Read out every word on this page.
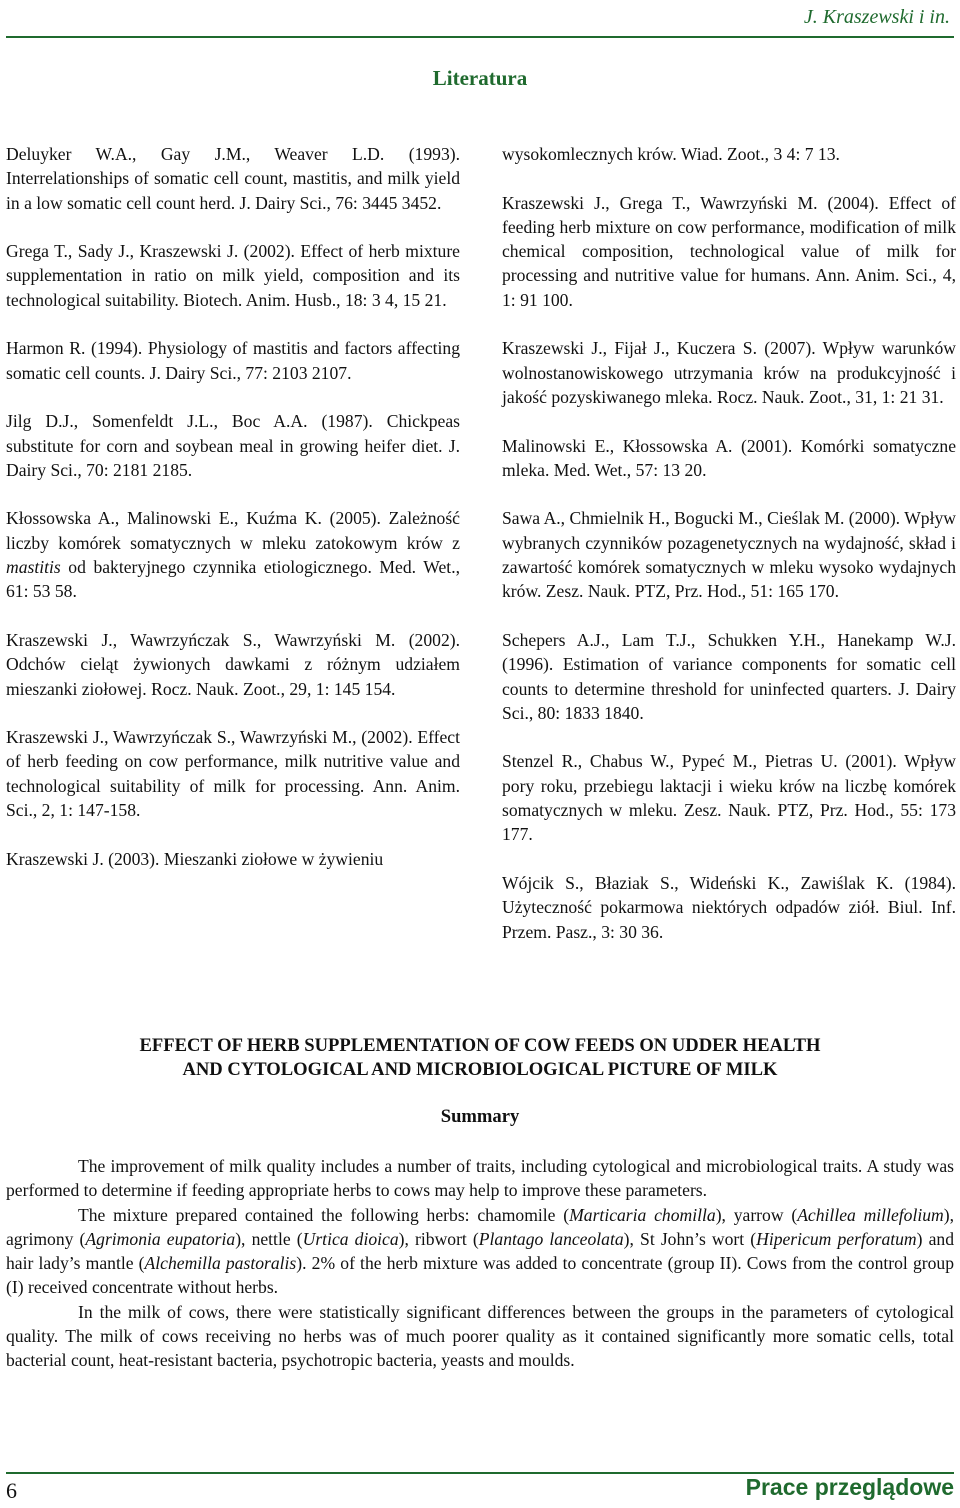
J. Kraszewski i in.
Literatura

Deluyker W.A., Gay J.M., Weaver L.D. (1993). Interrelationships of somatic cell count, mastitis, and milk yield in a low somatic cell count herd. J. Dairy Sci., 76: 3445 3452.

Grega T., Sady J., Kraszewski J. (2002). Effect of herb mixture supplementation in ratio on milk yield, composition and its technological suitability. Biotech. Anim. Husb., 18: 3 4, 15 21.

Harmon R. (1994). Physiology of mastitis and factors affecting somatic cell counts. J. Dairy Sci., 77: 2103 2107.

Jilg D.J., Somenfeldt J.L., Boc A.A. (1987). Chickpeas substitute for corn and soybean meal in growing heifer diet. J. Dairy Sci., 70: 2181 2185.

Kłossowska A., Malinowski E., Kuźma K. (2005). Zależność liczby komórek somatycznych w mleku zatokowym krów z mastitis od bakteryjnego czynnika etiologicznego. Med. Wet., 61: 53 58.

Kraszewski J., Wawrzyńczak S., Wawrzyński M. (2002). Odchów cieląt żywionych dawkami z różnym udziałem mieszanki ziołowej. Rocz. Nauk. Zoot., 29, 1: 145 154.

Kraszewski J., Wawrzyńczak S., Wawrzyński M., (2002). Effect of herb feeding on cow performance, milk nutritive value and technological suitability of milk for processing. Ann. Anim. Sci., 2, 1: 147-158.

Kraszewski J. (2003). Mieszanki ziołowe w żywieniu

wysokomlecznych krów. Wiad. Zoot., 3 4: 7 13.

Kraszewski J., Grega T., Wawrzyński M. (2004). Effect of feeding herb mixture on cow performance, modification of milk chemical composition, technological value of milk for processing and nutritive value for humans. Ann. Anim. Sci., 4, 1: 91 100.

Kraszewski J., Fijał J., Kuczera S. (2007). Wpływ warunków wolnostanowiskowego utrzymania krów na produkcyjność i jakość pozyskiwanego mleka. Rocz. Nauk. Zoot., 31, 1: 21 31.

Malinowski E., Kłossowska A. (2001). Komórki somatyczne mleka. Med. Wet., 57: 13 20.

Sawa A., Chmielnik H., Bogucki M., Cieślak M. (2000). Wpływ wybranych czynników pozagenetycznych na wydajność, skład i zawartość komórek somatycznych w mleku wysoko wydajnych krów. Zesz. Nauk. PTZ, Prz. Hod., 51: 165 170.

Schepers A.J., Lam T.J., Schukken Y.H., Hanekamp W.J. (1996). Estimation of variance components for somatic cell counts to determine threshold for uninfected quarters. J. Dairy Sci., 80: 1833 1840.

Stenzel R., Chabus W., Pypeć M., Pietras U. (2001). Wpływ pory roku, przebiegu laktacji i wieku krów na liczbę komórek somatycznych w mleku. Zesz. Nauk. PTZ, Prz. Hod., 55: 173 177.

Wójcik S., Błaziak S., Wideński K., Zawiślak K. (1984). Użyteczność pokarmowa niektórych odpadów ziół. Biul. Inf. Przem. Pasz., 3: 30 36.

EFFECT OF HERB SUPPLEMENTATION OF COW FEEDS ON UDDER HEALTH
AND CYTOLOGICAL AND MICROBIOLOGICAL PICTURE OF MILK
Summary

The improvement of milk quality includes a number of traits, including cytological and microbiological traits. A study was performed to determine if feeding appropriate herbs to cows may help to improve these parameters.

The mixture prepared contained the following herbs: chamomile (Marticaria chomilla), yarrow (Achillea millefolium), agrimony (Agrimonia eupatoria), nettle (Urtica dioica), ribwort (Plantago lanceolata), St John’s wort (Hipericum perforatum) and hair lady’s mantle (Alchemilla pastoralis). 2% of the herb mixture was added to concentrate (group II). Cows from the control group (I) received concentrate without herbs.

In the milk of cows, there were statistically significant differences between the groups in the parameters of cytological quality. The milk of cows receiving no herbs was of much poorer quality as it contained significantly more somatic cells, total bacterial count, heat-resistant bacteria, psychotropic bacteria, yeasts and moulds.

6	Prace przeglądowe
